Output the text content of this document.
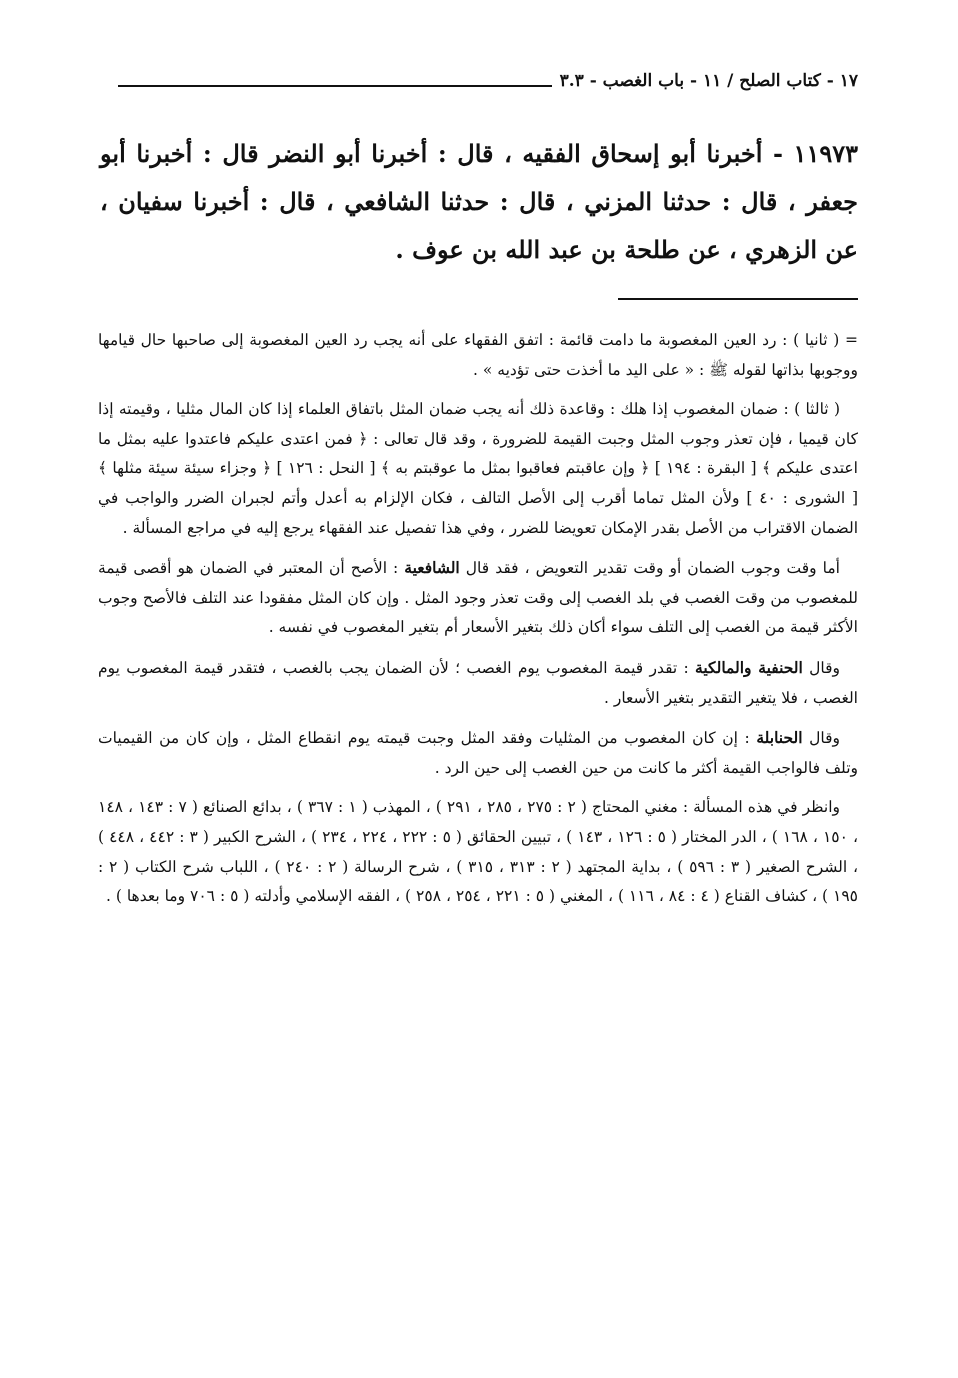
١٧ - كتاب الصلح / ١١ - باب الغصب - ٣.٣
١١٩٧٣ - أخبرنا أبو إسحاق الفقيه ، قال : أخبرنا أبو النضر قال : أخبرنا أبو جعفر ، قال : حدثنا المزني ، قال : حدثنا الشافعي ، قال : أخبرنا سفيان ، عن الزهري ، عن طلحة بن عبد الله بن عوف .

= ( ثانيا ) : رد العين المغصوبة ما دامت قائمة : اتفق الفقهاء على أنه يجب رد العين المغصوبة إلى صاحبها حال قيامها ووجوبها بذاتها لقوله ﷺ : « على اليد ما أخذت حتى تؤديه » .

( ثالثا ) : ضمان المغصوب إذا هلك : وقاعدة ذلك أنه يجب ضمان المثل باتفاق العلماء إذا كان المال مثليا ، وقيمته إذا كان قيميا ، فإن تعذر وجوب المثل وجبت القيمة للضرورة ، وقد قال تعالى : ﴿ فمن اعتدى عليكم فاعتدوا عليه بمثل ما اعتدى عليكم ﴾ [ البقرة : ١٩٤ ] ﴿ وإن عاقبتم فعاقبوا بمثل ما عوقبتم به ﴾ [ النحل : ١٢٦ ] ﴿ وجزاء سيئة سيئة مثلها ﴾ [ الشورى : ٤٠ ] ولأن المثل تماما أقرب إلى الأصل التالف ، فكان الإلزام به أعدل وأتم لجبران الضرر والواجب في الضمان الاقتراب من الأصل بقدر الإمكان تعويضا للضرر ، وفي هذا تفصيل عند الفقهاء يرجع إليه في مراجع المسألة .

أما وقت وجوب الضمان أو وقت تقدير التعويض ، فقد قال الشافعية : الأصح أن المعتبر في الضمان هو أقصى قيمة للمغصوب من وقت الغصب في بلد الغصب إلى وقت تعذر وجود المثل . وإن كان المثل مفقودا عند التلف فالأصح وجوب الأكثر قيمة من الغصب إلى التلف سواء أكان ذلك بتغير الأسعار أم بتغير المغصوب في نفسه .

وقال الحنفية والمالكية : تقدر قيمة المغصوب يوم الغصب ؛ لأن الضمان يجب بالغصب ، فتقدر قيمة المغصوب يوم الغصب ، فلا يتغير التقدير بتغير الأسعار .

وقال الحنابلة : إن كان المغصوب من المثليات وفقد المثل وجبت قيمته يوم انقطاع المثل ، وإن كان من القيميات وتلف فالواجب القيمة أكثر ما كانت من حين الغصب إلى حين الرد .

وانظر في هذه المسألة : مغني المحتاج ( ٢ : ٢٧٥ ، ٢٨٥ ، ٢٩١ ) ، المهذب ( ١ : ٣٦٧ ) ، بدائع الصنائع ( ٧ : ١٤٣ ، ١٤٨ ، ١٥٠ ، ١٦٨ ) ، الدر المختار ( ٥ : ١٢٦ ، ١٤٣ ) ، تبيين الحقائق ( ٥ : ٢٢٢ ، ٢٢٤ ، ٢٣٤ ) ، الشرح الكبير ( ٣ : ٤٤٢ ، ٤٤٨ ) ، الشرح الصغير ( ٣ : ٥٩٦ ) ، بداية المجتهد ( ٢ : ٣١٣ ، ٣١٥ ) ، شرح الرسالة ( ٢ : ٢٤٠ ) ، اللباب شرح الكتاب ( ٢ : ١٩٥ ) ، كشاف القناع ( ٤ : ٨٤ ، ١١٦ ) ، المغني ( ٥ : ٢٢١ ، ٢٥٤ ، ٢٥٨ ) ، الفقه الإسلامي وأدلته ( ٥ : ٧٠٦ وما بعدها ) .
